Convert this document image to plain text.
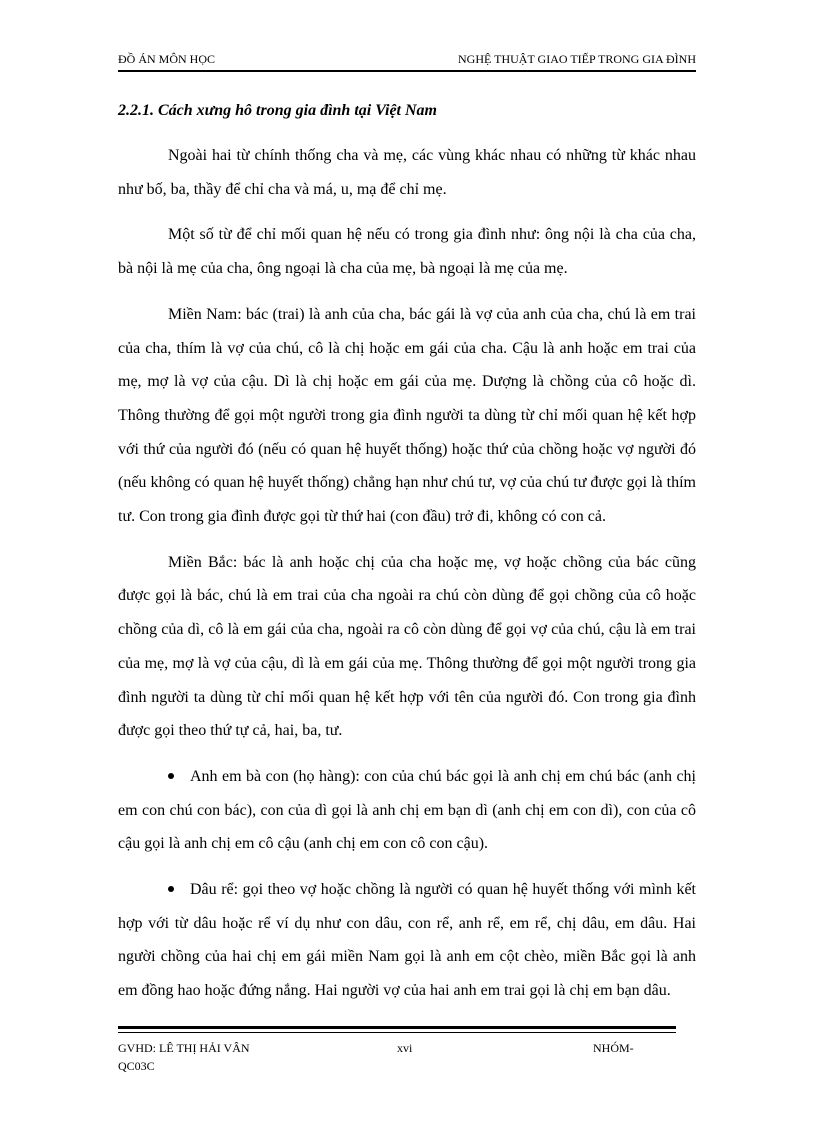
ĐỒ ÁN MÔN HỌC	NGHỆ THUẬT GIAO TIẾP TRONG GIA ĐÌNH
2.2.1. Cách xưng hô trong gia đình tại Việt Nam

Ngoài hai từ chính thống cha và mẹ, các vùng khác nhau có những từ khác nhau như bố, ba, thầy để chỉ cha và má, u, mạ để chỉ mẹ.

Một số từ để chỉ mối quan hệ nếu có trong gia đình như: ông nội là cha của cha, bà nội là mẹ của cha, ông ngoại là cha của mẹ, bà ngoại là mẹ của mẹ.

Miền Nam: bác (trai) là anh của cha, bác gái là vợ của anh của cha, chú là em trai của cha, thím là vợ của chú, cô là chị hoặc em gái của cha. Cậu là anh hoặc em trai của mẹ, mợ là vợ của cậu. Dì là chị hoặc em gái của mẹ. Dượng là chồng của cô hoặc dì. Thông thường để gọi một người trong gia đình người ta dùng từ chỉ mối quan hệ kết hợp với thứ của người đó (nếu có quan hệ huyết thống) hoặc thứ của chồng hoặc vợ người đó (nếu không có quan hệ huyết thống) chẳng hạn như chú tư, vợ của chú tư được gọi là thím tư. Con trong gia đình được gọi từ thứ hai (con đầu) trở đi, không có con cả.

Miền Bắc: bác là anh hoặc chị của cha hoặc mẹ, vợ hoặc chồng của bác cũng được gọi là bác, chú là em trai của cha ngoài ra chú còn dùng để gọi chồng của cô hoặc chồng của dì, cô là em gái của cha, ngoài ra cô còn dùng để gọi vợ của chú, cậu là em trai của mẹ, mợ là vợ của cậu, dì là em gái của mẹ. Thông thường để gọi một người trong gia đình người ta dùng từ chỉ mối quan hệ kết hợp với tên của người đó. Con trong gia đình được gọi theo thứ tự cả, hai, ba, tư.

Anh em bà con (họ hàng): con của chú bác gọi là anh chị em chú bác (anh chị em con chú con bác), con của dì gọi là anh chị em bạn dì (anh chị em con dì), con của cô cậu gọi là anh chị em cô cậu (anh chị em con cô con cậu).

Dâu rể: gọi theo vợ hoặc chồng là người có quan hệ huyết thống với mình kết hợp với từ dâu hoặc rể ví dụ như con dâu, con rể, anh rể, em rể, chị dâu, em dâu. Hai người chồng của hai chị em gái miền Nam gọi là anh em cột chèo, miền Bắc gọi là anh em đồng hao hoặc đứng nắng. Hai người vợ của hai anh em trai gọi là chị em bạn dâu.

GVHD: LÊ THỊ HẢI VÂN	xvi	NHÓM-
QC03C
